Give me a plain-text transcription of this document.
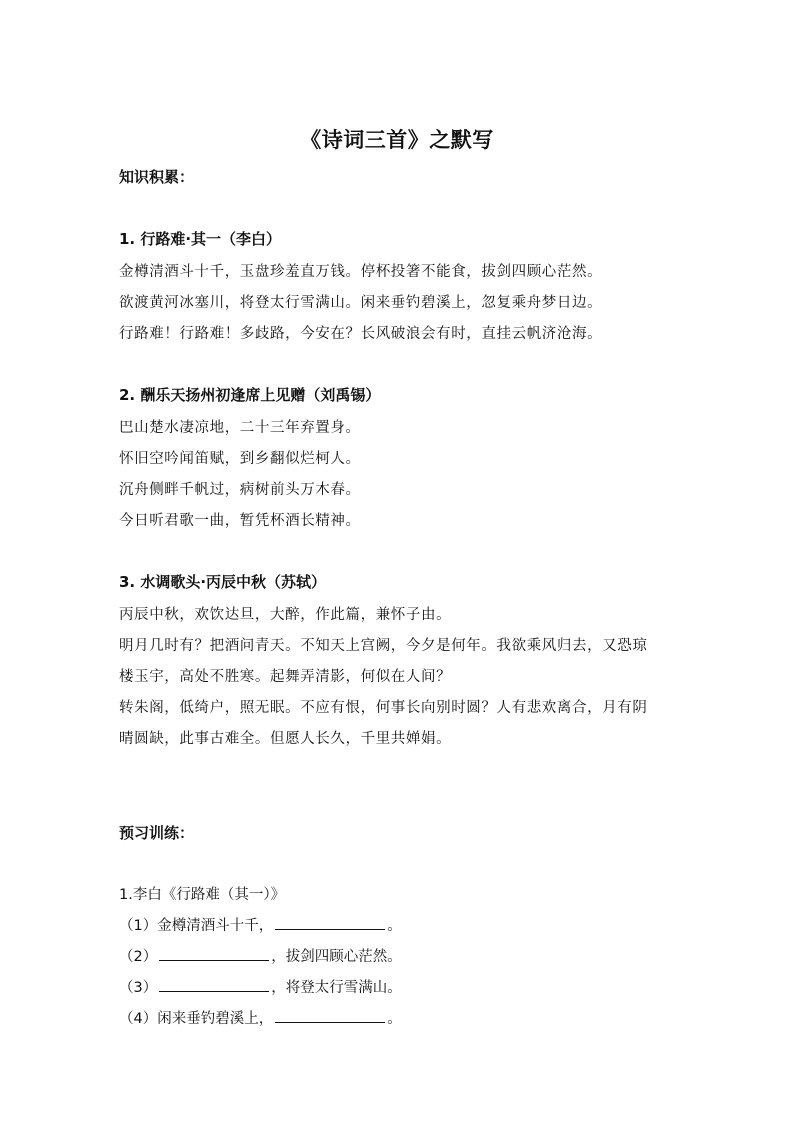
《诗词三首》之默写
知识积累：
1. 行路难·其一（李白）
金樽清酒斗十千，玉盘珍羞直万钱。停杯投箸不能食，拔剑四顾心茫然。
欲渡黄河冰塞川，将登太行雪满山。闲来垂钓碧溪上，忽复乘舟梦日边。
行路难！行路难！多歧路，今安在？长风破浪会有时，直挂云帆济沧海。
2. 酬乐天扬州初逢席上见赠（刘禹锡）
巴山楚水凄凉地，二十三年弃置身。
怀旧空吟闻笛赋，到乡翻似烂柯人。
沉舟侧畔千帆过，病树前头万木春。
今日听君歌一曲，暂凭杯酒长精神。
3. 水调歌头·丙辰中秋（苏轼）
丙辰中秋，欢饮达旦，大醉，作此篇，兼怀子由。
明月几时有？把酒问青天。不知天上宫阙，今夕是何年。我欲乘风归去，又恐琼
楼玉宇，高处不胜寒。起舞弄清影，何似在人间？
转朱阁，低绮户，照无眠。不应有恨，何事长向别时圆？人有悲欢离合，月有阴
晴圆缺，此事古难全。但愿人长久，千里共婵娟。
预习训练：
1.李白《行路难（其一）》
（1）金樽清酒斗十千，	。
（2）	，拔剑四顾心茫然。
（3）	，将登太行雪满山。
（4）闲来垂钓碧溪上，	。
